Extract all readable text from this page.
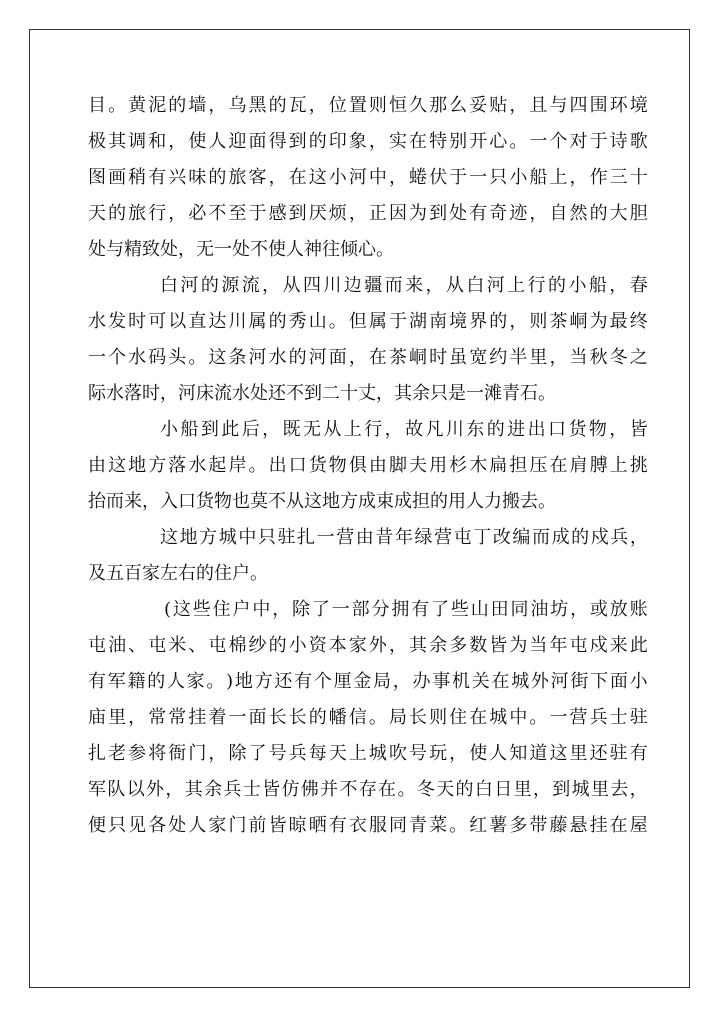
目 。 黄 泥 的 墙 ， 乌 黑 的 瓦 ， 位 置 则 恒 久 那 么 妥 贴 ， 且 与 四 围 环 境
极 其 调 和 ， 使 人 迎 面 得 到 的 印 象 ， 实 在 特 别 开 心 。 一 个 对 于 诗 歌
图 画 稍 有 兴 味 的 旅 客 ， 在 这 小 河 中 ， 蜷 伏 于 一 只 小 船 上 ， 作 三 十
天 的 旅 行 ， 必 不 至 于 感 到 厌 烦 ， 正 因 为 到 处 有 奇 迹 ， 自 然 的 大 胆
处 与 精 致 处 ， 无 一 处 不 使 人 神 往 倾 心 。
白 河 的 源 流 ， 从 四 川 边 疆 而 来 ， 从 白 河 上 行 的 小 船 ， 春
水 发 时 可 以 直 达 川 属 的 秀 山 。 但 属 于 湖 南 境 界 的 ， 则 茶 峒 为 最 终
一 个 水 码 头 。 这 条 河 水 的 河 面 ， 在 茶 峒 时 虽 宽 约 半 里 ， 当 秋 冬 之
际 水 落 时 ， 河 床 流 水 处 还 不 到 二 十 丈 ， 其 余 只 是 一 滩 青 石 。
小 船 到 此 后 ， 既 无 从 上 行 ， 故 凡 川 东 的 进 出 口 货 物 ， 皆
由 这 地 方 落 水 起 岸 。 出 口 货 物 俱 由 脚 夫 用 杉 木 扁 担 压 在 肩 膊 上 挑
抬 而 来 ， 入 口 货 物 也 莫 不 从 这 地 方 成 束 成 担 的 用 人 力 搬 去 。
这 地 方 城 中 只 驻 扎 一 营 由 昔 年 绿 营 屯 丁 改 编 而 成 的 戍 兵 ，
及 五 百 家 左 右 的 住 户 。
( 这 些 住 户 中 ， 除 了 一 部 分 拥 有 了 些 山 田 同 油 坊 ， 或 放 账
屯 油 、 屯 米 、 屯 棉 纱 的 小 资 本 家 外 ， 其 余 多 数 皆 为 当 年 屯 戍 来 此
有 军 籍 的 人 家 。 ) 地 方 还 有 个 厘 金 局 ， 办 事 机 关 在 城 外 河 街 下 面 小
庙 里 ， 常 常 挂 着 一 面 长 长 的 幡 信 。 局 长 则 住 在 城 中 。 一 营 兵 士 驻
扎 老 参 将 衙 门 ， 除 了 号 兵 每 天 上 城 吹 号 玩 ， 使 人 知 道 这 里 还 驻 有
军 队 以 外 ， 其 余 兵 士 皆 仿 佛 并 不 存 在 。 冬 天 的 白 日 里 ， 到 城 里 去 ，
便 只 见 各 处 人 家 门 前 皆 晾 晒 有 衣 服 同 青 菜 。 红 薯 多 带 藤 悬 挂 在 屋
